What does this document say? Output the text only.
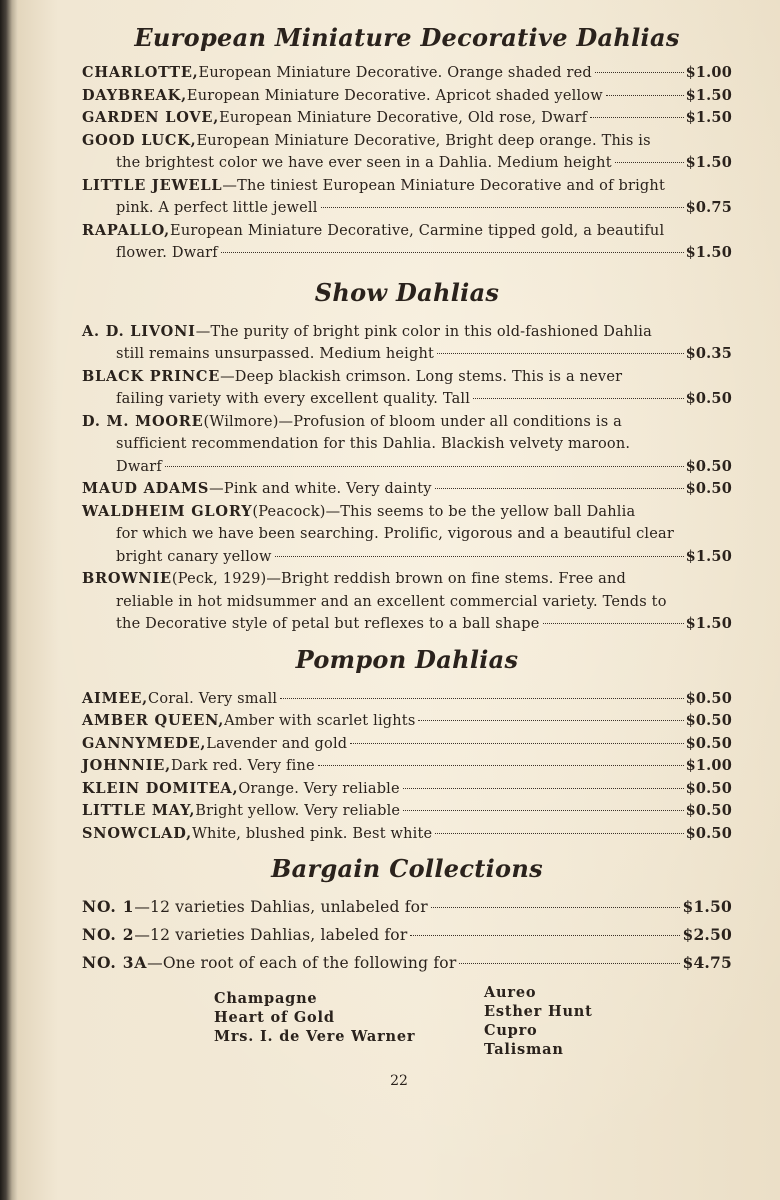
European Miniature Decorative Dahlias
CHARLOTTE, European Miniature Decorative. Orange shaded red	$1.00
DAYBREAK, European Miniature Decorative. Apricot shaded yellow	$1.50
GARDEN LOVE, European Miniature Decorative, Old rose, Dwarf	$1.50
GOOD LUCK, European Miniature Decorative, Bright deep orange. This is
the brightest color we have ever seen in a Dahlia. Medium height	$1.50
LITTLE JEWELL —The tiniest European Miniature Decorative and of bright
pink. A perfect little jewell	$0.75
RAPALLO, European Miniature Decorative, Carmine tipped gold, a beautiful
flower. Dwarf	$1.50
Show Dahlias
A. D. LIVONI —The purity of bright pink color in this old-fashioned Dahlia
still remains unsurpassed. Medium height	$0.35
BLACK PRINCE —Deep blackish crimson. Long stems. This is a never
failing variety with every excellent quality. Tall	$0.50
D. M. MOORE (Wilmore)—Profusion of bloom under all conditions is a
sufficient recommendation for this Dahlia. Blackish velvety maroon.
Dwarf	$0.50
MAUD ADAMS —Pink and white. Very dainty	$0.50
WALDHEIM GLORY (Peacock)—This seems to be the yellow ball Dahlia
for which we have been searching. Prolific, vigorous and a beautiful clear
bright canary yellow	$1.50
BROWNIE (Peck, 1929)—Bright reddish brown on fine stems. Free and
reliable in hot midsummer and an excellent commercial variety. Tends to
the Decorative style of petal but reflexes to a ball shape	$1.50
Pompon Dahlias
AIMEE, Coral. Very small	$0.50
AMBER QUEEN, Amber with scarlet lights	$0.50
GANNYMEDE, Lavender and gold	$0.50
JOHNNIE, Dark red. Very fine	$1.00
KLEIN DOMITEA, Orange. Very reliable	$0.50
LITTLE MAY, Bright yellow. Very reliable	$0.50
SNOWCLAD, White, blushed pink. Best white	$0.50
Bargain Collections
NO. 1 —12 varieties Dahlias, unlabeled for	$1.50
NO. 2 —12 varieties Dahlias, labeled for	$2.50
NO. 3A —One root of each of the following for	$4.75
Champagne
Heart of Gold
Mrs. I. de Vere Warner
Aureo
Esther Hunt
Cupro
Talisman
22
